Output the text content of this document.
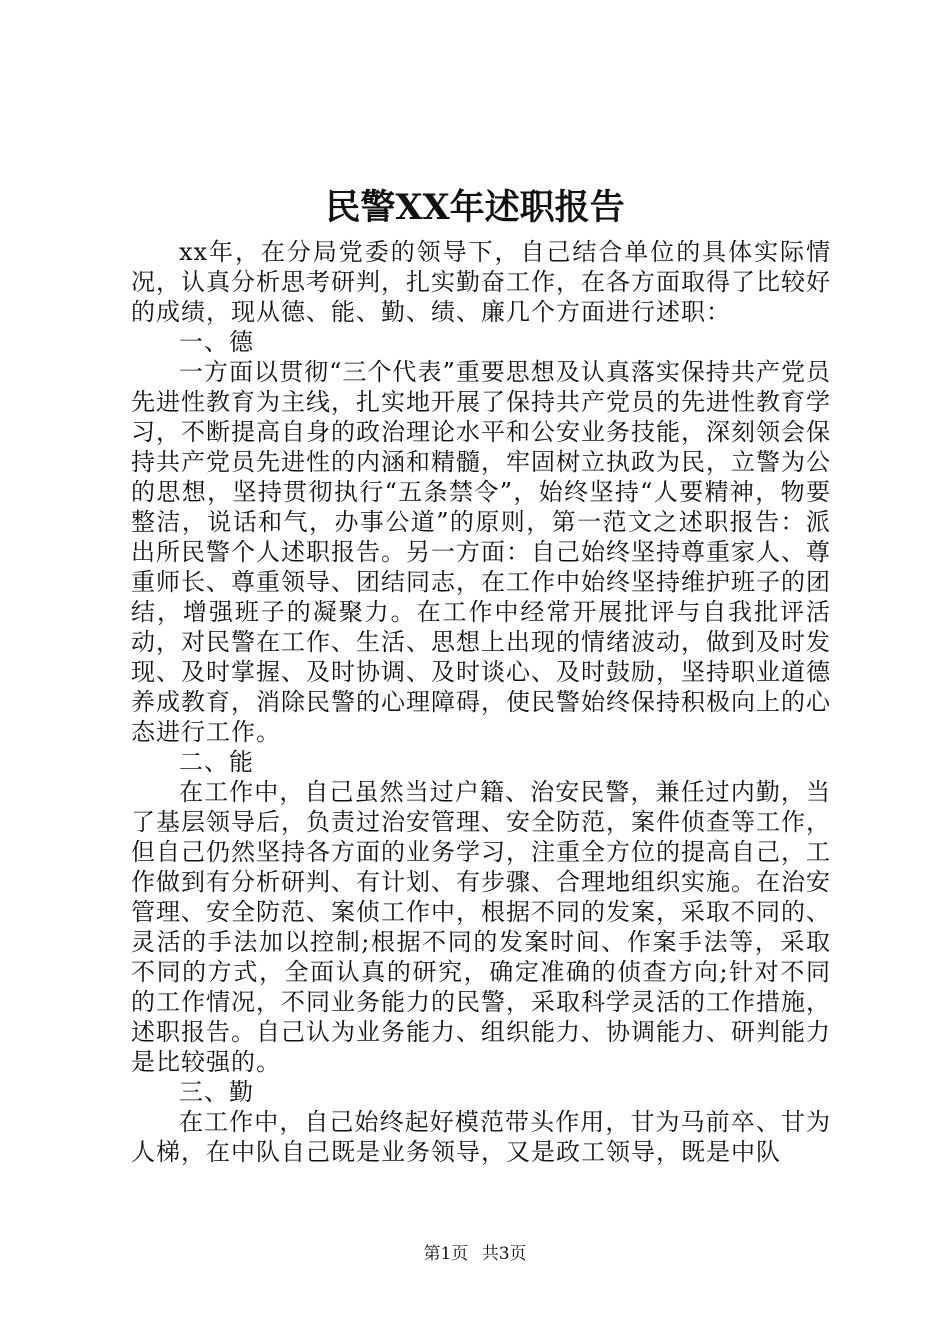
民警XX年述职报告

xx年，在分局党委的领导下，自己结合单位的具体实际情况，认真分析思考研判，扎实勤奋工作，在各方面取得了比较好的成绩，现从德、能、勤、绩、廉几个方面进行述职：

一、德

一方面以贯彻“三个代表”重要思想及认真落实保持共产党员先进性教育为主线，扎实地开展了保持共产党员的先进性教育学习，不断提高自身的政治理论水平和公安业务技能，深刻领会保持共产党员先进性的内涵和精髓，牢固树立执政为民，立警为公的思想，坚持贯彻执行“五条禁令”，始终坚持“人要精神，物要整洁，说话和气，办事公道”的原则，第一范文之述职报告：派出所民警个人述职报告。另一方面：自己始终坚持尊重家人、尊重师长、尊重领导、团结同志，在工作中始终坚持维护班子的团结，增强班子的凝聚力。在工作中经常开展批评与自我批评活动，对民警在工作、生活、思想上出现的情绪波动，做到及时发现、及时掌握、及时协调、及时谈心、及时鼓励，坚持职业道德养成教育，消除民警的心理障碍，使民警始终保持积极向上的心态进行工作。

二、能

在工作中，自己虽然当过户籍、治安民警，兼任过内勤，当了基层领导后，负责过治安管理、安全防范，案件侦查等工作，但自己仍然坚持各方面的业务学习，注重全方位的提高自己，工作做到有分析研判、有计划、有步骤、合理地组织实施。在治安管理、安全防范、案侦工作中，根据不同的发案，采取不同的、灵活的手法加以控制;根据不同的发案时间、作案手法等，采取不同的方式，全面认真的研究，确定准确的侦查方向;针对不同的工作情况，不同业务能力的民警，采取科学灵活的工作措施，述职报告。自己认为业务能力、组织能力、协调能力、研判能力是比较强的。

三、勤

在工作中，自己始终起好模范带头作用，甘为马前卒、甘为人梯，在中队自己既是业务领导，又是政工领导，既是中队

第1页 共3页
